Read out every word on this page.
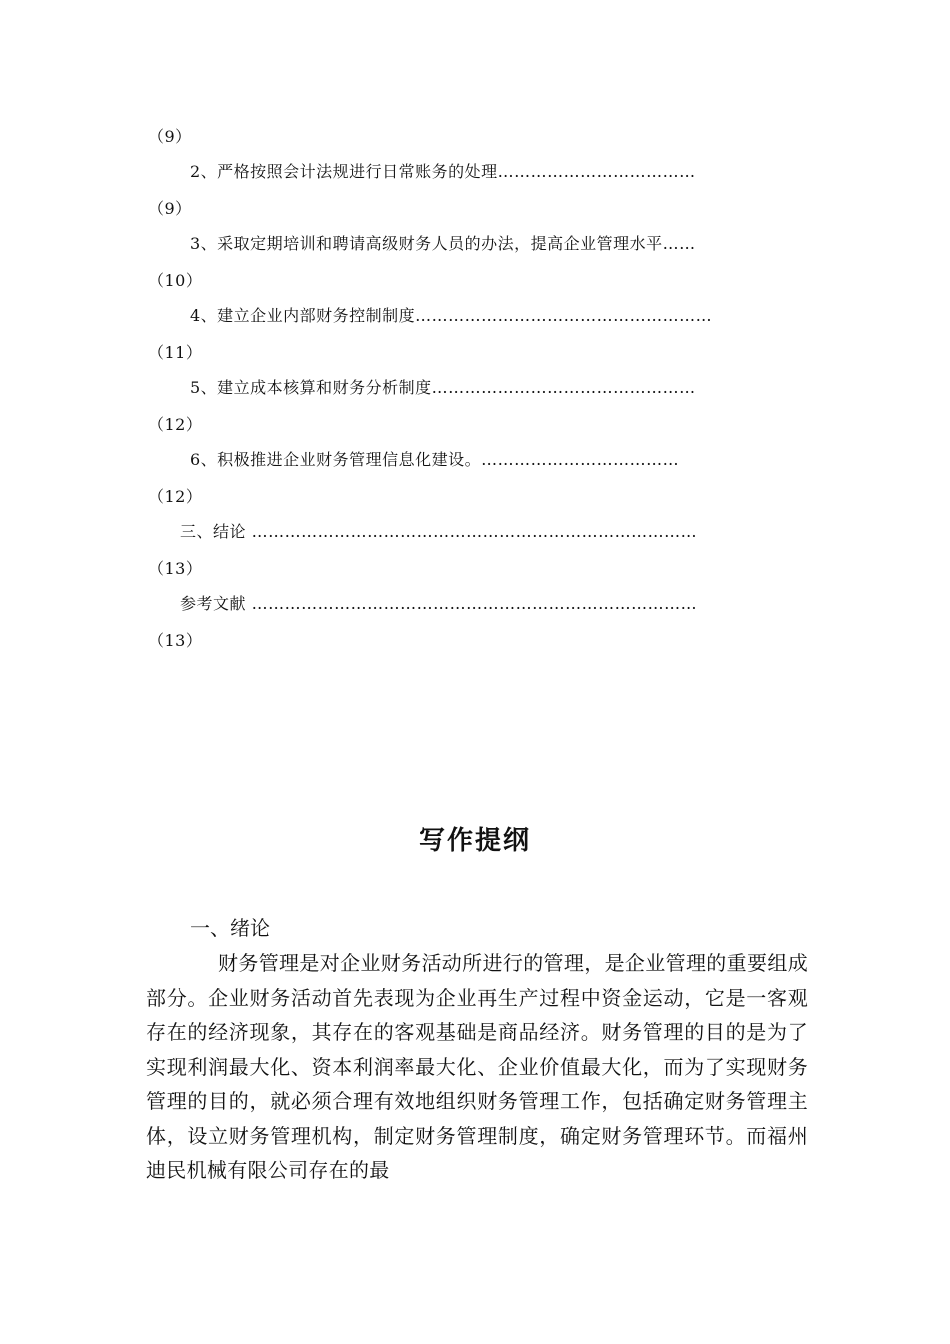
（9）
2、严格按照会计法规进行日常账务的处理………………………………
（9）
3、采取定期培训和聘请高级财务人员的办法，提高企业管理水平……
（10）
4、建立企业内部财务控制制度………………………………………………
（11）
5、建立成本核算和财务分析制度…………………………………………
（12）
6、积极推进企业财务管理信息化建设。………………………………
（12）
三、结论 ………………………………………………………………………
（13）
参考文献 ………………………………………………………………………
（13）
写作提纲
一、绪论
财务管理是对企业财务活动所进行的管理，是企业管理的重要组成部分。企业财务活动首先表现为企业再生产过程中资金运动，它是一客观存在的经济现象，其存在的客观基础是商品经济。财务管理的目的是为了实现利润最大化、资本利润率最大化、企业价值最大化，而为了实现财务管理的目的，就必须合理有效地组织财务管理工作，包括确定财务管理主体，设立财务管理机构，制定财务管理制度，确定财务管理环节。而福州迪民机械有限公司存在的最
